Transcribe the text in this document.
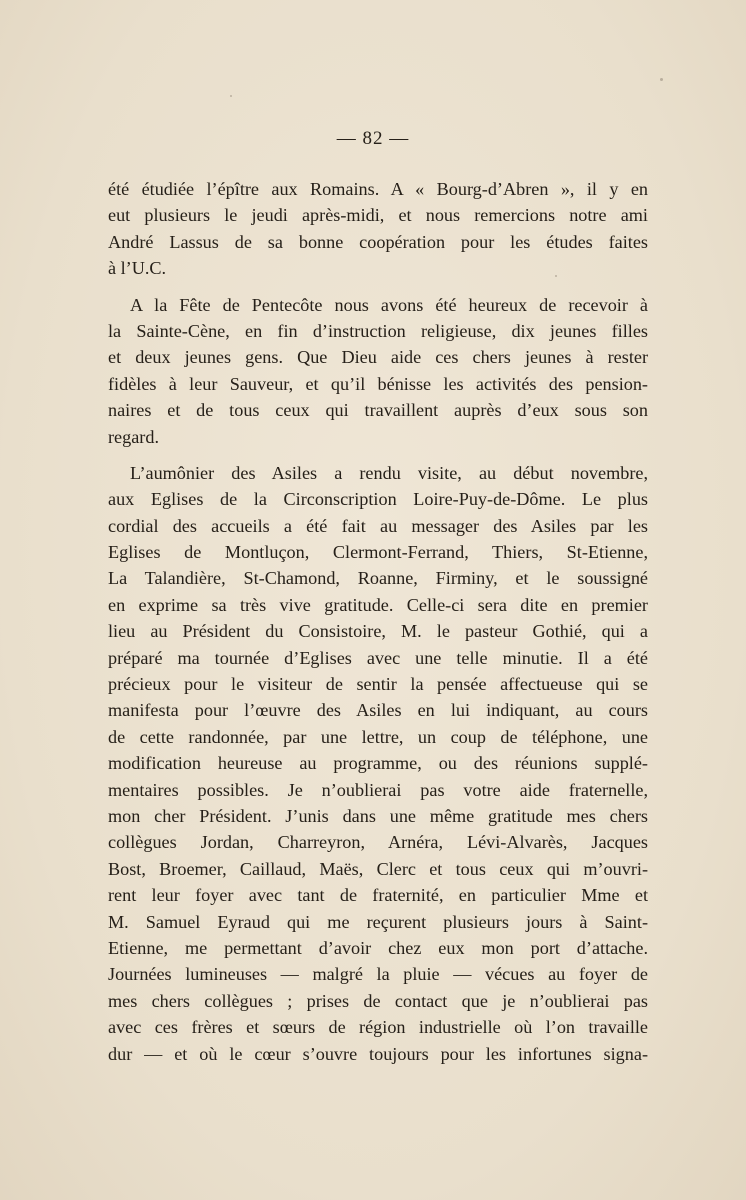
— 82 —
été étudiée l’épître aux Romains. A « Bourg-d’Abren », il y en
eut plusieurs le jeudi après-midi, et nous remercions notre ami
André Lassus de sa bonne coopération pour les études faites
à l’U.C.
A la Fête de Pentecôte nous avons été heureux de recevoir à
la Sainte-Cène, en fin d’instruction religieuse, dix jeunes filles
et deux jeunes gens. Que Dieu aide ces chers jeunes à rester
fidèles à leur Sauveur, et qu’il bénisse les activités des pension-
naires et de tous ceux qui travaillent auprès d’eux sous son
regard.
L’aumônier des Asiles a rendu visite, au début novembre,
aux Eglises de la Circonscription Loire-Puy-de-Dôme. Le plus
cordial des accueils a été fait au messager des Asiles par les
Eglises de Montluçon, Clermont-Ferrand, Thiers, St-Etienne,
La Talandière, St-Chamond, Roanne, Firminy, et le soussigné
en exprime sa très vive gratitude. Celle-ci sera dite en premier
lieu au Président du Consistoire, M. le pasteur Gothié, qui a
préparé ma tournée d’Eglises avec une telle minutie. Il a été
précieux pour le visiteur de sentir la pensée affectueuse qui se
manifesta pour l’œuvre des Asiles en lui indiquant, au cours
de cette randonnée, par une lettre, un coup de téléphone, une
modification heureuse au programme, ou des réunions supplé-
mentaires possibles. Je n’oublierai pas votre aide fraternelle,
mon cher Président. J’unis dans une même gratitude mes chers
collègues Jordan, Charreyron, Arnéra, Lévi-Alvarès, Jacques
Bost, Broemer, Caillaud, Maës, Clerc et tous ceux qui m’ouvri-
rent leur foyer avec tant de fraternité, en particulier Mme et
M. Samuel Eyraud qui me reçurent plusieurs jours à Saint-
Etienne, me permettant d’avoir chez eux mon port d’attache.
Journées lumineuses — malgré la pluie — vécues au foyer de
mes chers collègues ; prises de contact que je n’oublierai pas
avec ces frères et sœurs de région industrielle où l’on travaille
dur — et où le cœur s’ouvre toujours pour les infortunes signa-
